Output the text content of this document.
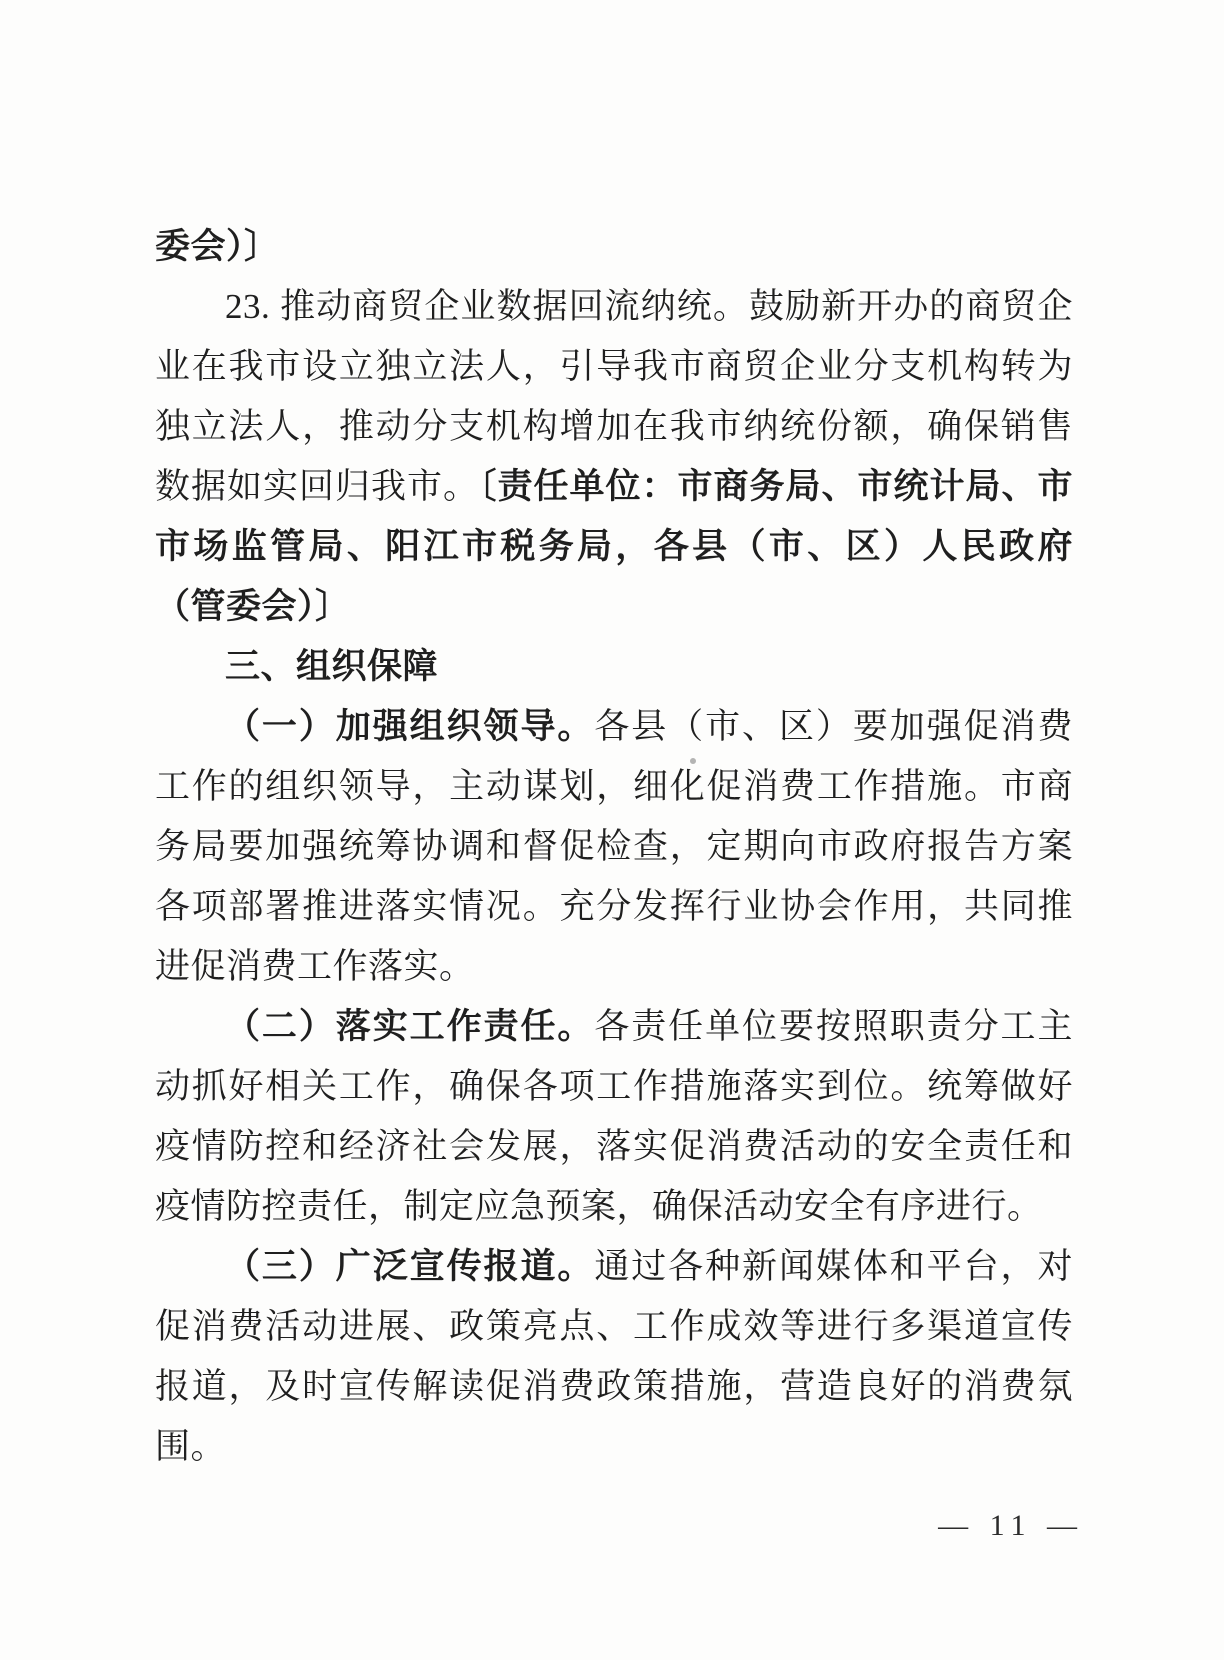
委会）〕

23. 推动商贸企业数据回流纳统。鼓励新开办的商贸企业在我市设立独立法人，引导我市商贸企业分支机构转为独立法人，推动分支机构增加在我市纳统份额，确保销售数据如实回归我市。〔责任单位：市商务局、市统计局、市市场监管局、阳江市税务局，各县（市、区）人民政府（管委会）〕

三、组织保障

（一）加强组织领导。各县（市、区）要加强促消费工作的组织领导，主动谋划，细化促消费工作措施。市商务局要加强统筹协调和督促检查，定期向市政府报告方案各项部署推进落实情况。充分发挥行业协会作用，共同推进促消费工作落实。

（二）落实工作责任。各责任单位要按照职责分工主动抓好相关工作，确保各项工作措施落实到位。统筹做好疫情防控和经济社会发展，落实促消费活动的安全责任和疫情防控责任，制定应急预案，确保活动安全有序进行。

（三）广泛宣传报道。通过各种新闻媒体和平台，对促消费活动进展、政策亮点、工作成效等进行多渠道宣传报道，及时宣传解读促消费政策措施，营造良好的消费氛围。

— 11 —
